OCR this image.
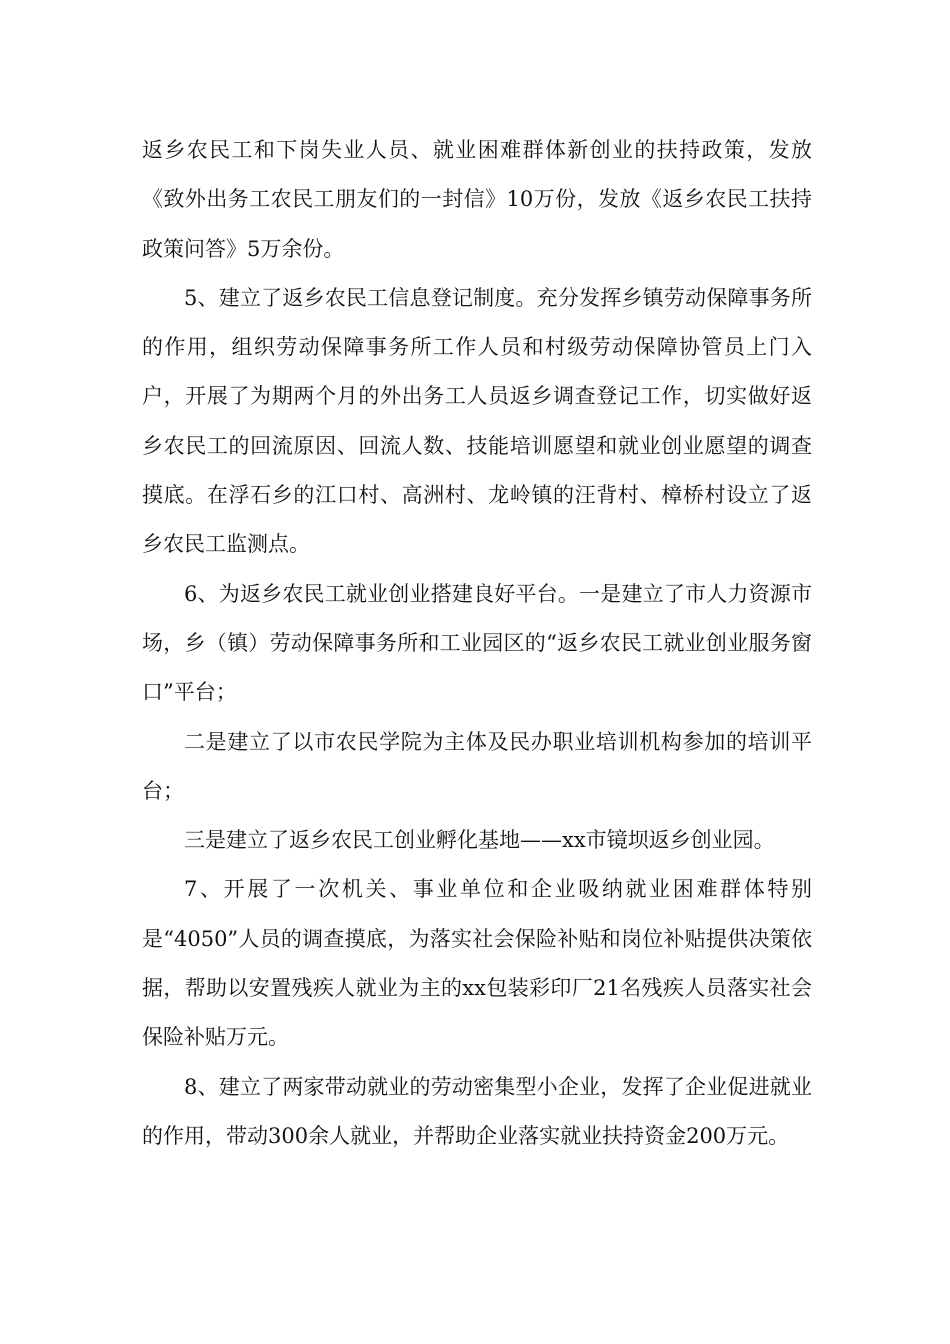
返乡农民工和下岗失业人员、就业困难群体新创业的扶持政策，发放《致外出务工农民工朋友们的一封信》10万份，发放《返乡农民工扶持政策问答》5万余份。

5、建立了返乡农民工信息登记制度。充分发挥乡镇劳动保障事务所的作用，组织劳动保障事务所工作人员和村级劳动保障协管员上门入户，开展了为期两个月的外出务工人员返乡调查登记工作，切实做好返乡农民工的回流原因、回流人数、技能培训愿望和就业创业愿望的调查摸底。在浮石乡的江口村、高洲村、龙岭镇的汪背村、樟桥村设立了返乡农民工监测点。

6、为返乡农民工就业创业搭建良好平台。一是建立了市人力资源市场，乡（镇）劳动保障事务所和工业园区的“返乡农民工就业创业服务窗口”平台；

二是建立了以市农民学院为主体及民办职业培训机构参加的培训平台；

三是建立了返乡农民工创业孵化基地——xx市镜坝返乡创业园。

7、开展了一次机关、事业单位和企业吸纳就业困难群体特别是“4050”人员的调查摸底，为落实社会保险补贴和岗位补贴提供决策依据，帮助以安置残疾人就业为主的xx包装彩印厂21名残疾人员落实社会保险补贴万元。

8、建立了两家带动就业的劳动密集型小企业，发挥了企业促进就业的作用，带动300余人就业，并帮助企业落实就业扶持资金200万元。
